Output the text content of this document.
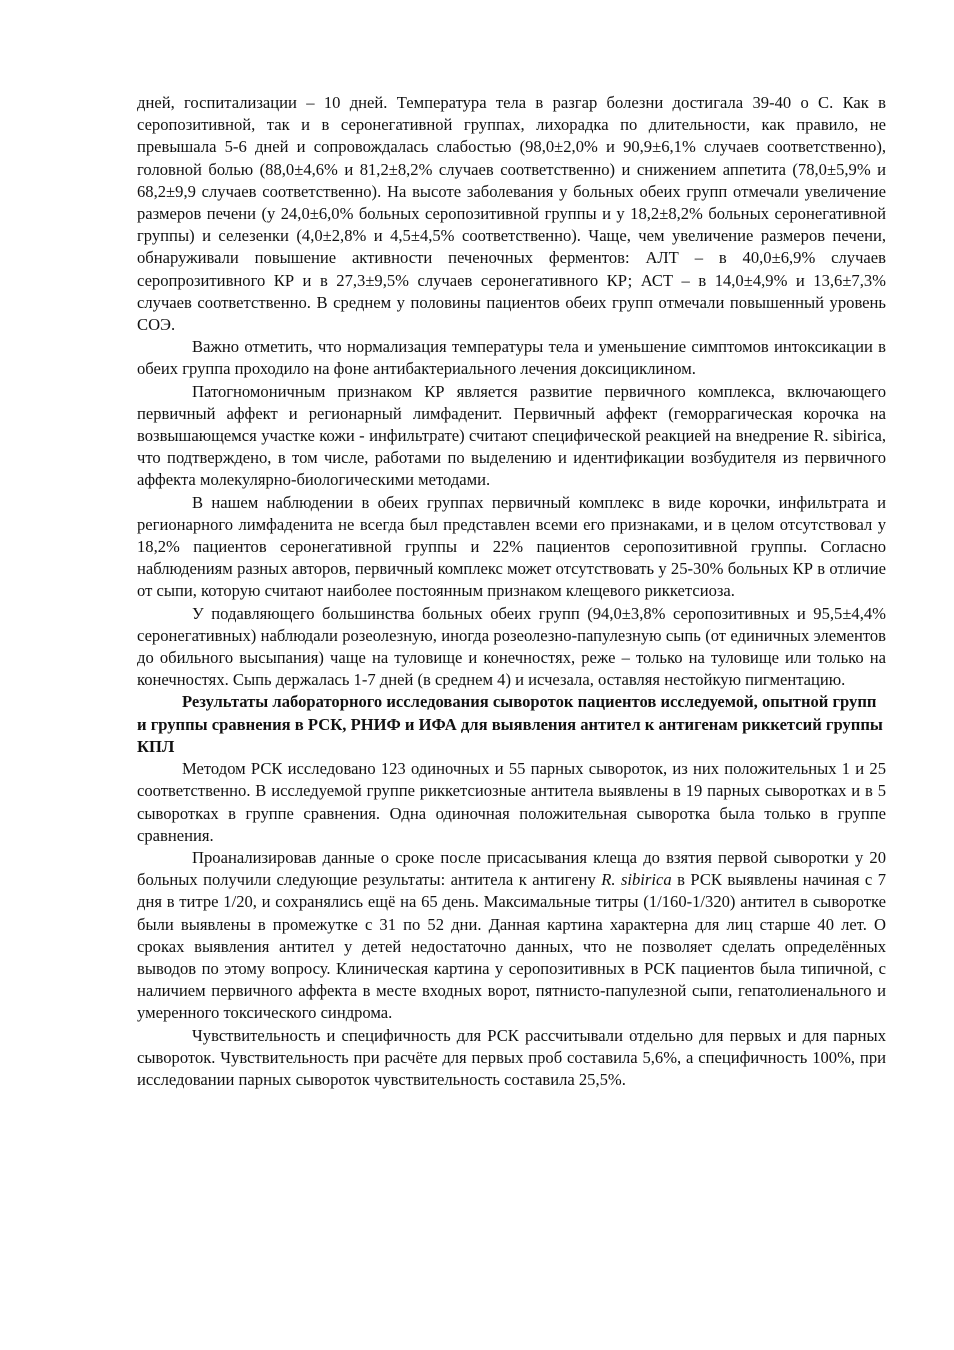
дней, госпитализации – 10 дней. Температура тела в разгар болезни достигала 39-40 о С. Как в серопозитивной, так и в серонегативной группах, лихорадка по длительности, как правило, не превышала 5-6 дней и сопровождалась слабостью (98,0±2,0% и 90,9±6,1% случаев соответственно), головной болью (88,0±4,6% и 81,2±8,2% случаев соответственно) и снижением аппетита (78,0±5,9% и 68,2±9,9 случаев соответственно). На высоте заболевания у больных обеих групп отмечали увеличение размеров печени (у 24,0±6,0% больных серопозитивной группы и у 18,2±8,2% больных серонегативной группы) и селезенки (4,0±2,8% и 4,5±4,5% соответственно). Чаще, чем увеличение размеров печени, обнаруживали повышение активности печеночных ферментов: АЛТ – в 40,0±6,9% случаев серопрозитивного КР и в 27,3±9,5% случаев серонегативного КР; АСТ – в 14,0±4,9% и 13,6±7,3% случаев соответственно. В среднем у половины пациентов обеих групп отмечали повышенный уровень СОЭ.

Важно отметить, что нормализация температуры тела и уменьшение симптомов интоксикации в обеих группа проходило на фоне антибактериального лечения доксициклином.

Патогномоничным признаком КР является развитие первичного комплекса, включающего первичный аффект и регионарный лимфаденит. Первичный аффект (геморрагическая корочка на возвышающемся участке кожи - инфильтрате) считают специфической реакцией на внедрение R. sibirica, что подтверждено, в том числе, работами по выделению и идентификации возбудителя из первичного аффекта молекулярно-биологическими методами.

В нашем наблюдении в обеих группах первичный комплекс в виде корочки, инфильтрата и регионарного лимфаденита не всегда был представлен всеми его признаками, и в целом отсутствовал у 18,2% пациентов серонегативной группы и 22% пациентов серопозитивной группы. Согласно наблюдениям разных авторов, первичный комплекс может отсутствовать у 25-30% больных КР в отличие от сыпи, которую считают наиболее постоянным признаком клещевого риккетсиоза.

У подавляющего большинства больных обеих групп (94,0±3,8% серопозитивных и 95,5±4,4% серонегативных) наблюдали розеолезную, иногда розеолезно-папулезную сыпь (от единичных элементов до обильного высыпания) чаще на туловище и конечностях, реже – только на туловище или только на конечностях. Сыпь держалась 1-7 дней (в среднем 4) и исчезала, оставляя нестойкую пигментацию.

Результаты лабораторного исследования сывороток пациентов исследуемой, опытной групп и группы сравнения в РСК, РНИФ и ИФА для выявления антител к антигенам риккетсий группы КПЛ

Методом РСК исследовано 123 одиночных и 55 парных сывороток, из них положительных 1 и 25 соответственно. В исследуемой группе риккетсиозные антитела выявлены в 19 парных сыворотках и в 5 сыворотках в группе сравнения. Одна одиночная положительная сыворотка была только в группе сравнения.

Проанализировав данные о сроке после присасывания клеща до взятия первой сыворотки у 20 больных получили следующие результаты: антитела к антигену R. sibirica в РСК выявлены начиная с 7 дня в титре 1/20, и сохранялись ещё на 65 день. Максимальные титры (1/160-1/320) антител в сыворотке были выявлены в промежутке с 31 по 52 дни. Данная картина характерна для лиц старше 40 лет. О сроках выявления антител у детей недостаточно данных, что не позволяет сделать определённых выводов по этому вопросу. Клиническая картина у серопозитивных в РСК пациентов была типичной, с наличием первичного аффекта в месте входных ворот, пятнисто-папулезной сыпи, гепатолиенального и умеренного токсического синдрома.

Чувствительность и специфичность для РСК рассчитывали отдельно для первых и для парных сывороток. Чувствительность при расчёте для первых проб составила 5,6%, а специфичность 100%, при исследовании парных сывороток чувствительность составила 25,5%.
